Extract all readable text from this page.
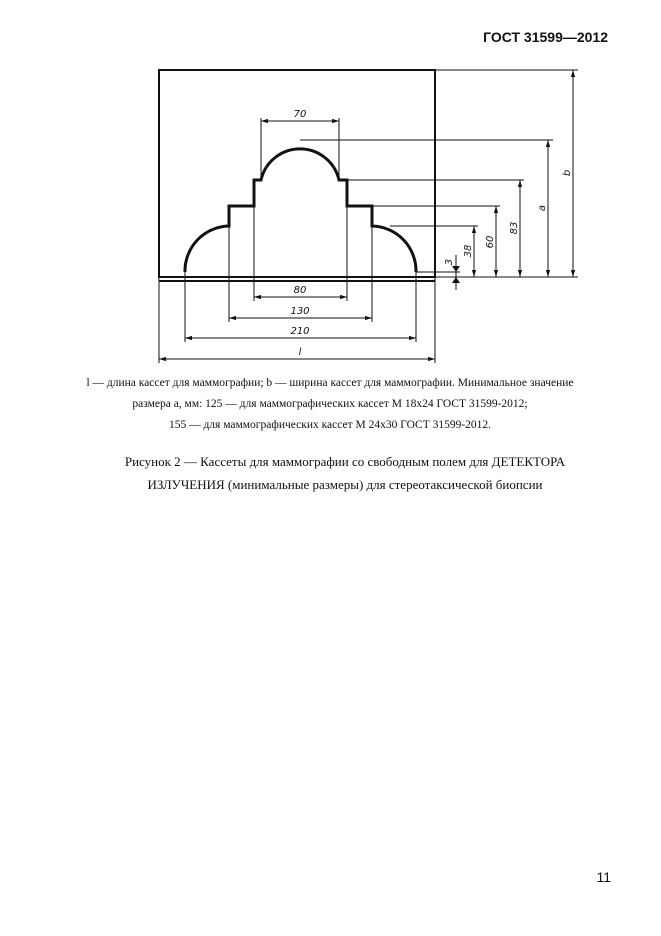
ГОСТ 31599—2012
70
80
130
210
l
b
a
83
60
38
3

l — длина кассет для маммографии; b — ширина кассет для маммографии. Минимальное значение

размера a, мм: 125 — для маммографических кассет М 18x24 ГОСТ 31599-2012;

155 — для маммографических кассет М 24x30 ГОСТ 31599-2012.

Рисунок 2 — Кассеты для маммографии со свободным полем для ДЕТЕКТОРА

ИЗЛУЧЕНИЯ (минимальные размеры) для стереотаксической биопсии

11
